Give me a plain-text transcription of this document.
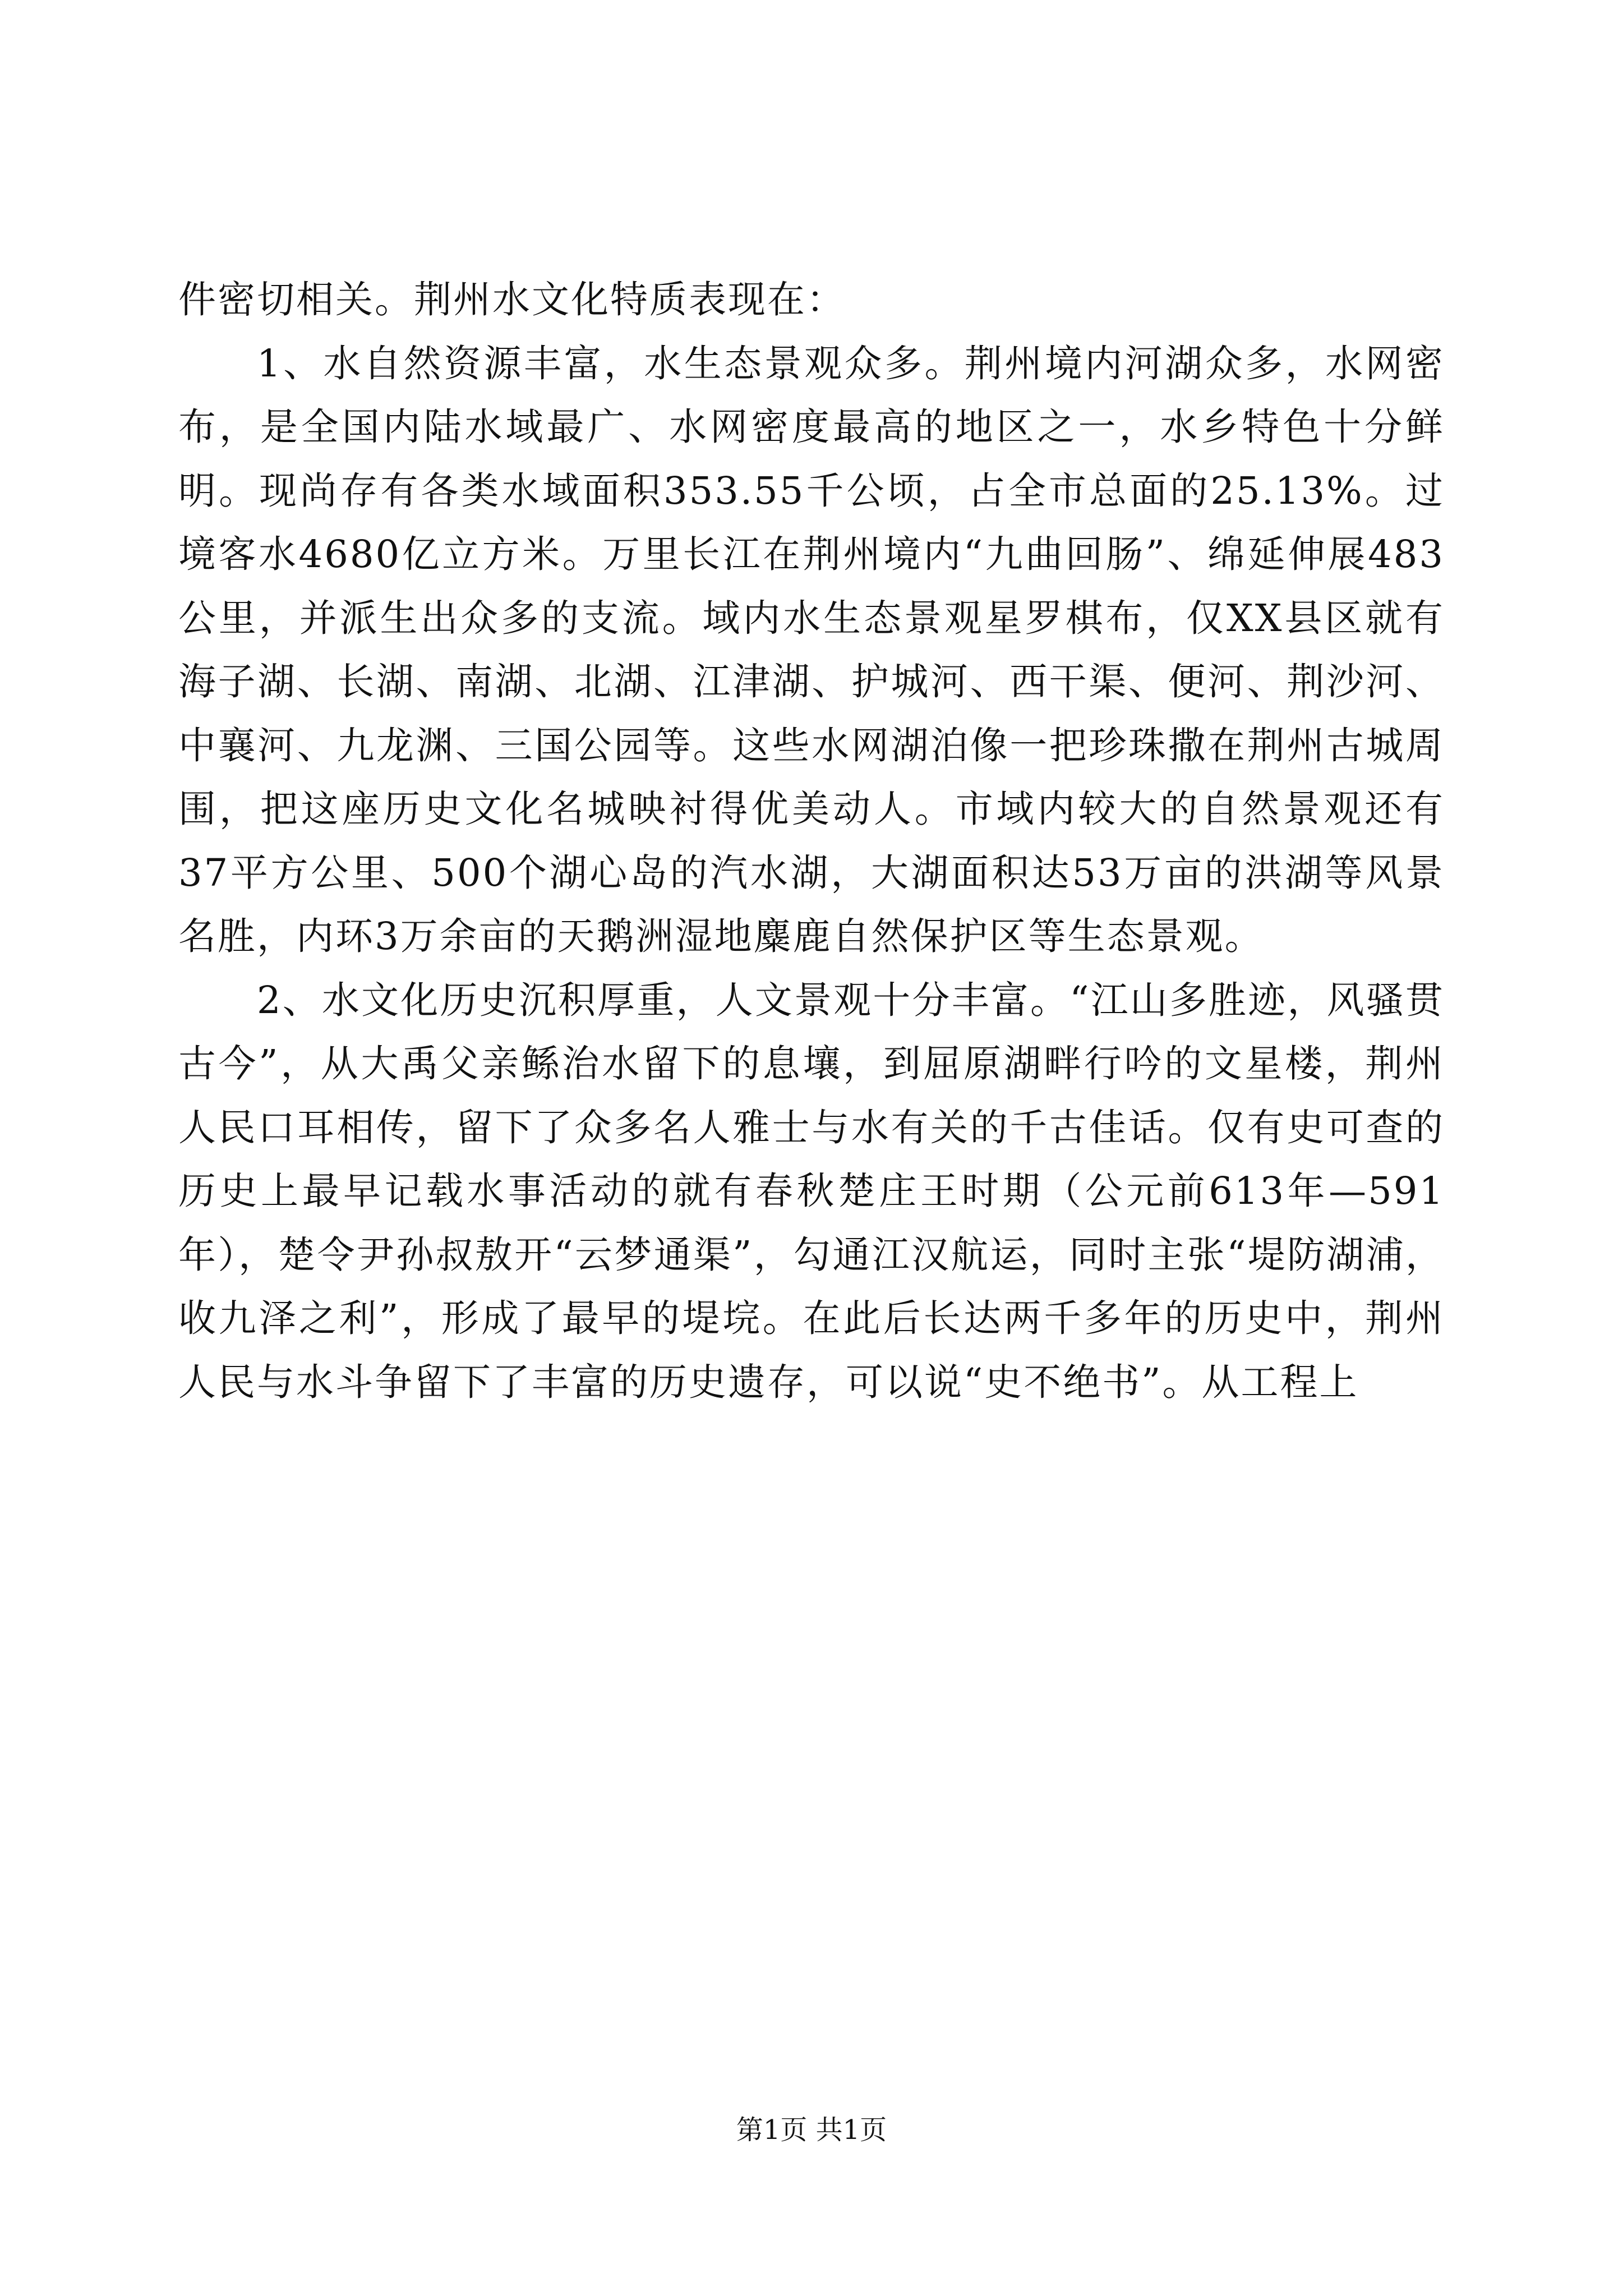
件密切相关。荆州水文化特质表现在：

1、水自然资源丰富，水生态景观众多。荆州境内河湖众多，水网密布，是全国内陆水域最广、水网密度最高的地区之一，水乡特色十分鲜明。现尚存有各类水域面积353.55千公顷，占全市总面的25.13%。过境客水4680亿立方米。万里长江在荆州境内“九曲回肠”、绵延伸展483公里，并派生出众多的支流。域内水生态景观星罗棋布，仅XX县区就有海子湖、长湖、南湖、北湖、江津湖、护城河、西干渠、便河、荆沙河、中襄河、九龙渊、三国公园等。这些水网湖泊像一把珍珠撒在荆州古城周围，把这座历史文化名城映衬得优美动人。市域内较大的自然景观还有37平方公里、500个湖心岛的汽水湖，大湖面积达53万亩的洪湖等风景名胜，内环3万余亩的天鹅洲湿地麋鹿自然保护区等生态景观。

2、水文化历史沉积厚重，人文景观十分丰富。“江山多胜迹，风骚贯古今”，从大禹父亲鲧治水留下的息壤，到屈原湖畔行吟的文星楼，荆州人民口耳相传，留下了众多名人雅士与水有关的千古佳话。仅有史可查的历史上最早记载水事活动的就有春秋楚庄王时期（公元前613年—591年），楚令尹孙叔敖开“云梦通渠”，勾通江汉航运，同时主张“堤防湖浦，收九泽之利”，形成了最早的堤垸。在此后长达两千多年的历史中，荆州人民与水斗争留下了丰富的历史遗存，可以说“史不绝书”。从工程上

第1页 共1页
